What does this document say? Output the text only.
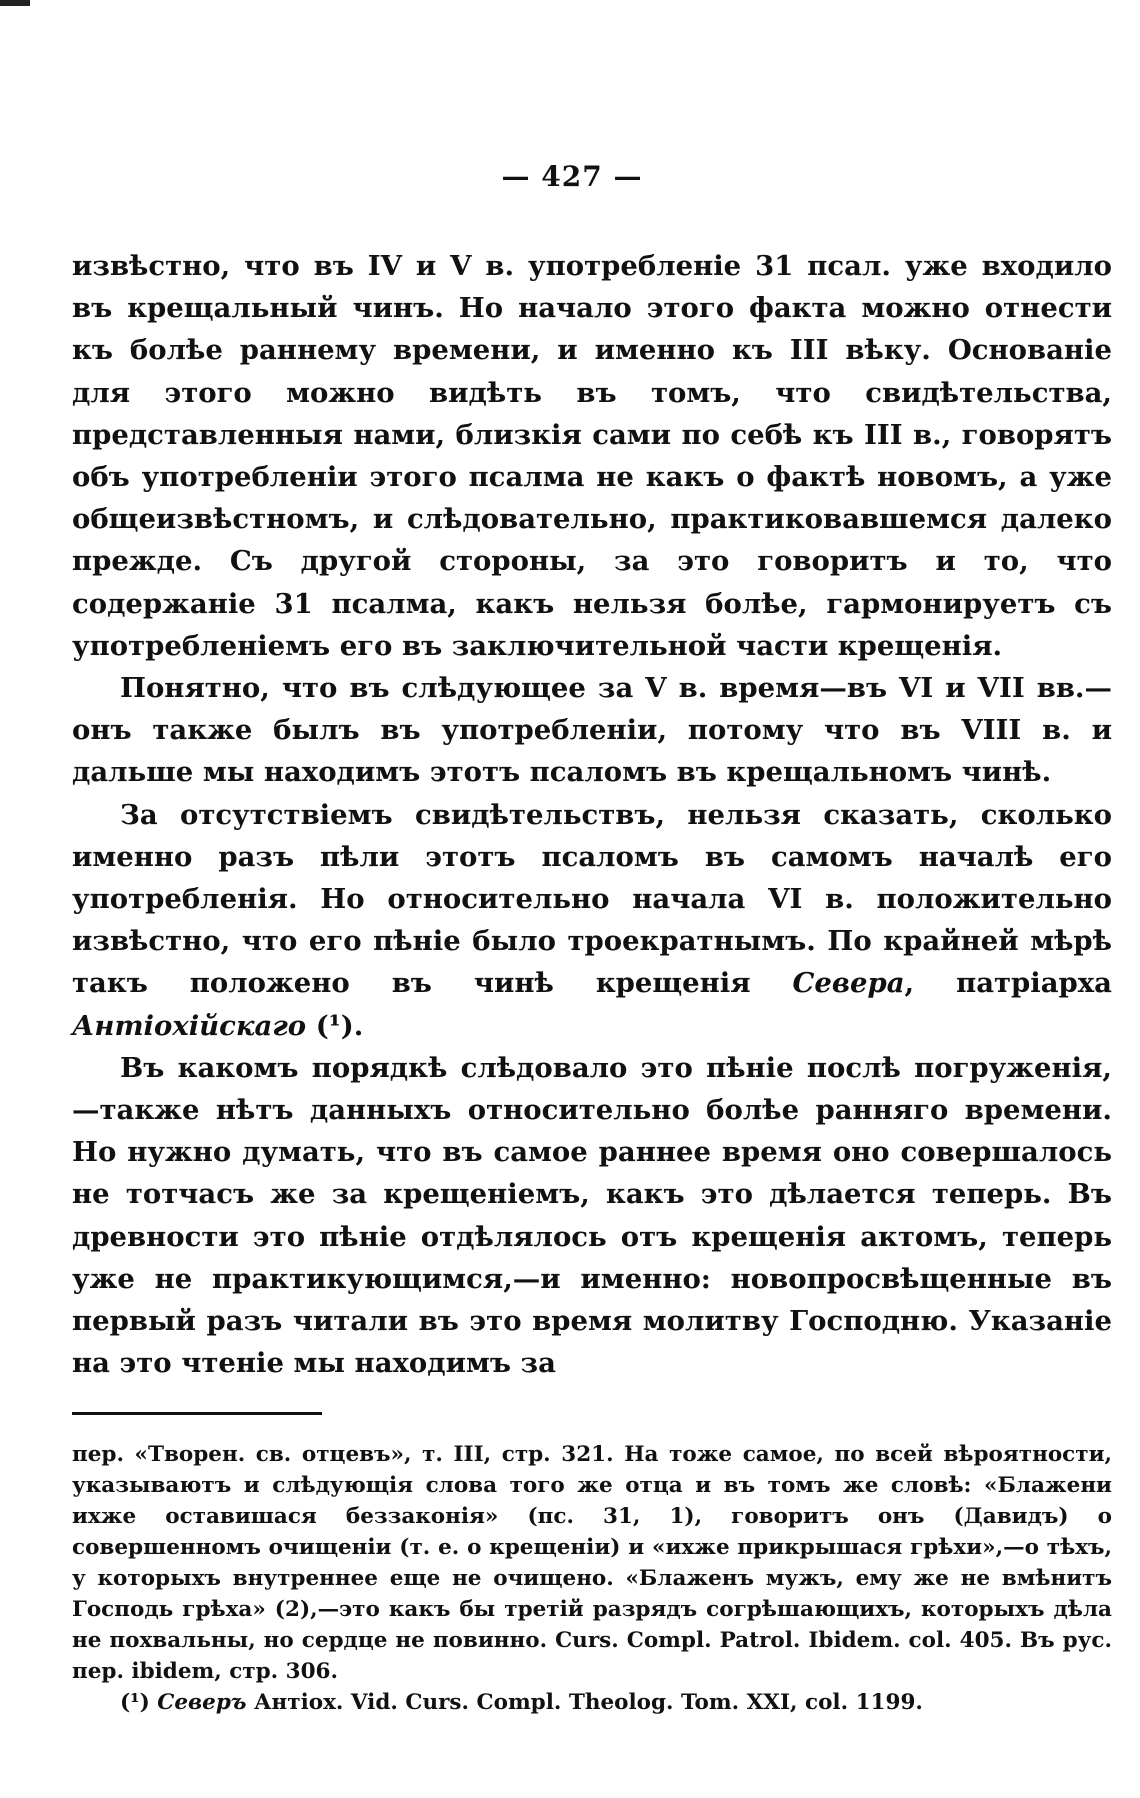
— 427 —

извѣстно, что въ IV и V в. употребленіе 31 псал. уже входило въ крещальный чинъ. Но начало этого факта можно отнести къ болѣе раннему времени, и именно къ III вѣку. Основаніе для этого можно видѣть въ томъ, что свидѣтельства, представленныя нами, близкія сами по себѣ къ III в., говорятъ объ употребленіи этого псалма не какъ о фактѣ новомъ, а уже общеизвѣстномъ, и слѣдовательно, практиковавшемся далеко прежде. Съ другой стороны, за это говоритъ и то, что содержаніе 31 псалма, какъ нельзя болѣе, гармонируетъ съ употребленіемъ его въ заключительной части крещенія.

Понятно, что въ слѣдующее за V в. время—въ VI и VII вв.—онъ также былъ въ употребленіи, потому что въ VIII в. и дальше мы находимъ этотъ псаломъ въ крещальномъ чинѣ.

За отсутствіемъ свидѣтельствъ, нельзя сказать, сколько именно разъ пѣли этотъ псаломъ въ самомъ началѣ его употребленія. Но относительно начала VI в. положительно извѣстно, что его пѣніе было троекратнымъ. По крайней мѣрѣ такъ положено въ чинѣ крещенія Севера, патріарха Антіохійскаго (¹).

Въ какомъ порядкѣ слѣдовало это пѣніе послѣ погруженія,—также нѣтъ данныхъ относительно болѣе ранняго времени. Но нужно думать, что въ самое раннее время оно совершалось не тотчасъ же за крещеніемъ, какъ это дѣлается теперь. Въ древности это пѣніе отдѣлялось отъ крещенія актомъ, теперь уже не практикующимся,—и именно: новопросвѣщенные въ первый разъ читали въ это время молитву Господню. Указаніе на это чтеніе мы находимъ за

пер. «Творен. св. отцевъ», т. III, стр. 321. На тоже самое, по всей вѣроятности, указываютъ и слѣдующія слова того же отца и въ томъ же словѣ: «Блажени ихже оставишася беззаконія» (пс. 31, 1), говоритъ онъ (Давидъ) о совершенномъ очищеніи (т. е. о крещеніи) и «ихже прикрышася грѣхи»,—о тѣхъ, у которыхъ внутреннее еще не очищено. «Блаженъ мужъ, ему же не вмѣнитъ Господь грѣха» (2),—это какъ бы третій разрядъ согрѣшающихъ, которыхъ дѣла не похвальны, но сердце не повинно. Curs. Compl. Patrol. Ibidem. col. 405. Въ рус. пер. ibidem, стр. 306.

(¹) Северъ Антіох. Vid. Curs. Compl. Theolog. Tom. XXI, col. 1199.
